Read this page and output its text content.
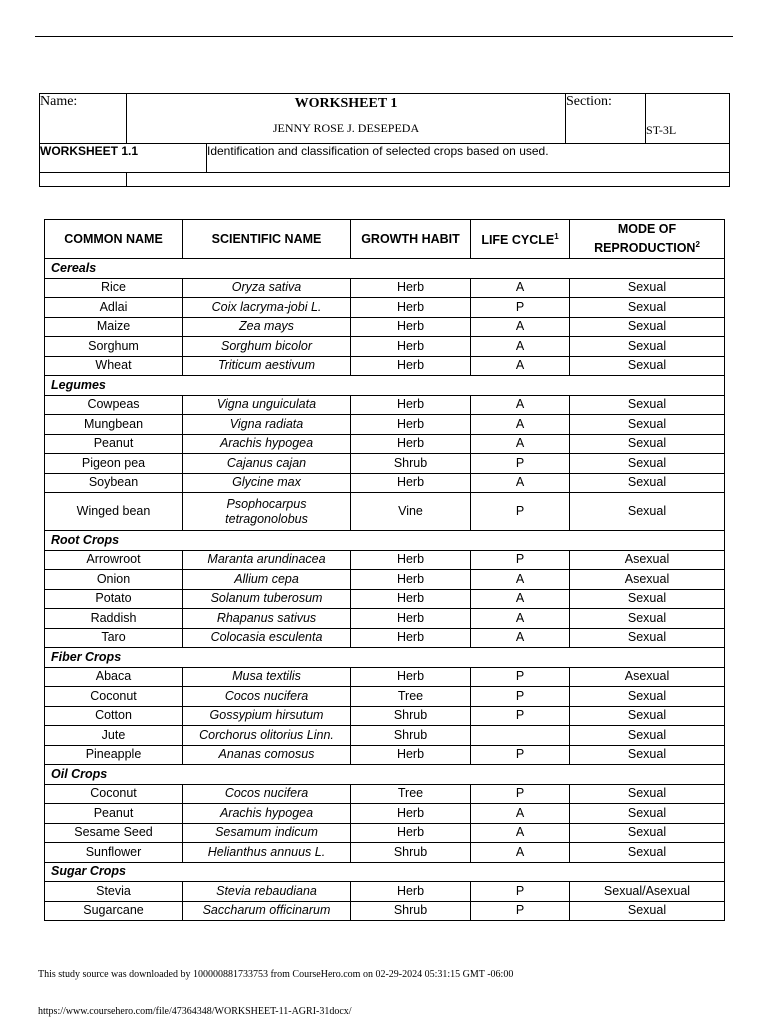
Name:	WORKSHEET 1
JENNY ROSE J. DESEPEDA		Section:	ST-3L
WORKSHEET 1.1		Identification and classification of selected crops based on used.		

COMMON NAME	SCIENTIFIC NAME	GROWTH HABIT	LIFE CYCLE$^1$	MODE OF
REPRODUCTION$^2$
Cereals				
Rice	Oryza sativa	Herb	A	Sexual
Adlai	Coix lacryma-jobi L.	Herb	P	Sexual
Maize	Zea mays	Herb	A	Sexual
Sorghum	Sorghum bicolor	Herb	A	Sexual
Wheat	Triticum aestivum	Herb	A	Sexual
Legumes				
Cowpeas	Vigna unguiculata	Herb	A	Sexual
Mungbean	Vigna radiata	Herb	A	Sexual
Peanut	Arachis hypogea	Herb	A	Sexual
Pigeon pea	Cajanus cajan	Shrub	P	Sexual
Soybean	Glycine max	Herb	A	Sexual
Winged bean	Psophocarpus tetragonolobus	Vine	P	Sexual
Root Crops				
Arrowroot	Maranta arundinacea	Herb	P	Asexual
Onion	Allium cepa	Herb	A	Asexual
Potato	Solanum tuberosum	Herb	A	Sexual
Raddish	Rhapanus sativus	Herb	A	Sexual
Taro	Colocasia esculenta	Herb	A	Sexual
Fiber Crops				
Abaca	Musa textilis	Herb	P	Asexual
Coconut	Cocos nucifera	Tree	P	Sexual
Cotton	Gossypium hirsutum	Shrub	P	Sexual
Jute	Corchorus olitorius Linn.	Shrub		Sexual
Pineapple	Ananas comosus	Herb	P	Sexual
Oil Crops				
Coconut	Cocos nucifera	Tree	P	Sexual
Peanut	Arachis hypogea	Herb	A	Sexual
Sesame Seed	Sesamum indicum	Herb	A	Sexual
Sunflower	Helianthus annuus L.	Shrub	A	Sexual
Sugar Crops				
Stevia	Stevia rebaudiana	Herb	P	Sexual/Asexual
Sugarcane	Saccharum officinarum	Shrub	P	Sexual
This study source was downloaded by 100000881733753 from CourseHero.com on 02-29-2024 05:31:15 GMT -06:00
https://www.coursehero.com/file/47364348/WORKSHEET-11-AGRI-31docx/
